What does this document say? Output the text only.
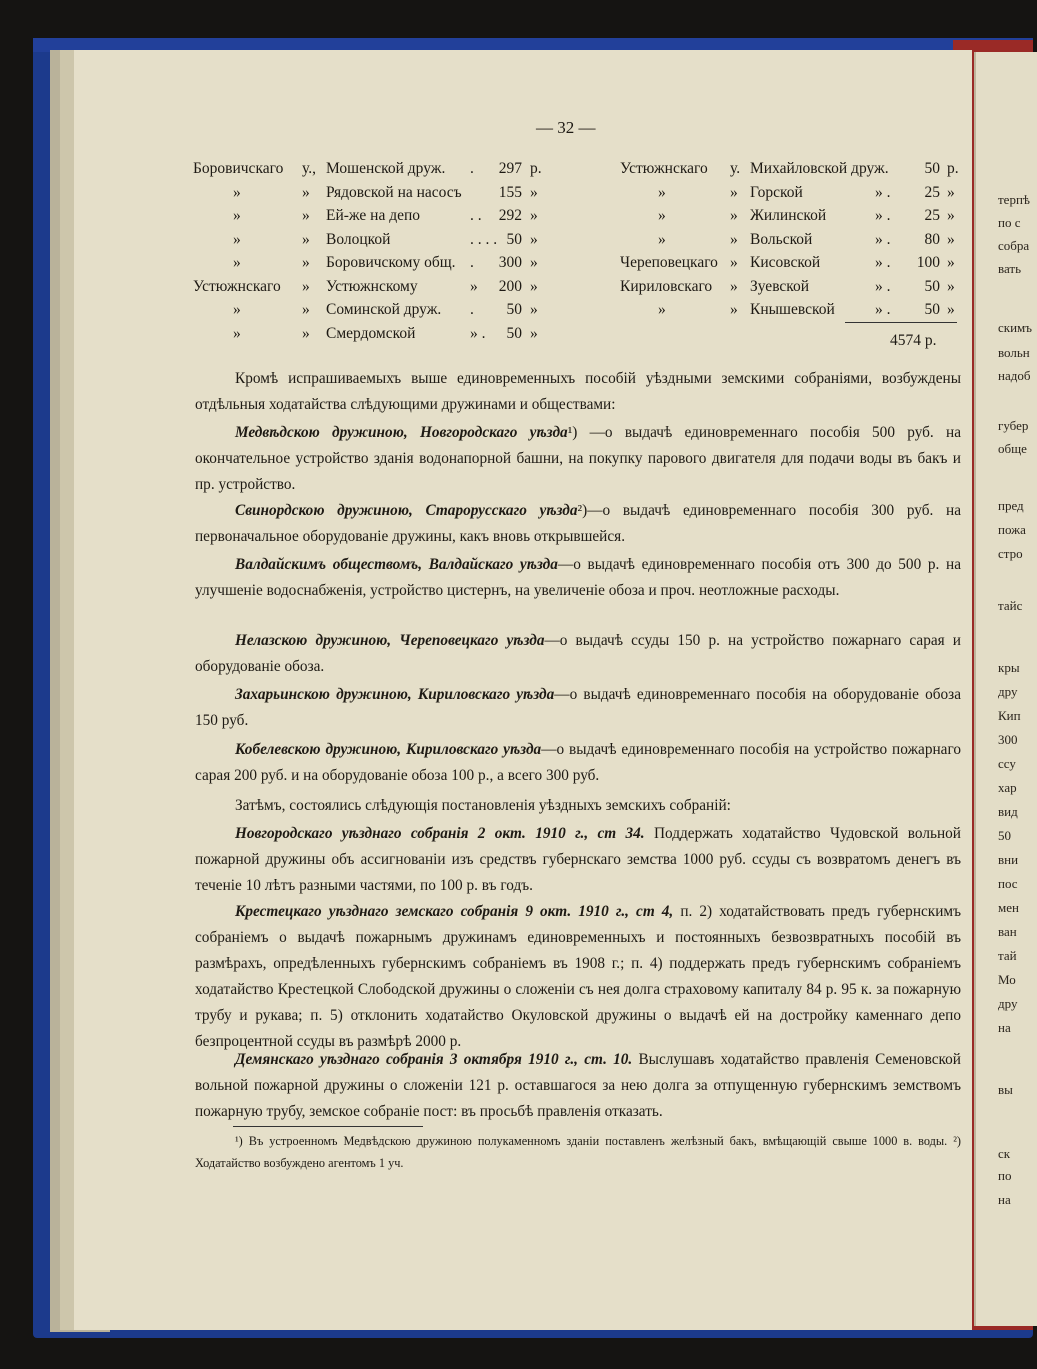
терпѣ
по с
собра
вать
скимъ
вольн
надоб
губер
обще
пред
пожа
стро
тайс
кры
дру
Кип
300
ссу
хар
вид
50
вни
пос
мен
ван
тай
Мо
дру
на
вы
ск
по
на
— 32 —
Боровичскаго у., Мошенской друж. .	297 р.
»	» Рядовской на насосъ	155 »
»	» Ей-же на депо	. .	292 »
»	» Волоцкой	. . . . 50 »
»	» Боровичскому общ. .	300 »
Устюжнскаго » Устюжнскому	»	200 »
»	» Соминской друж. .	50 »
»	» Смердомской	» .	50 »
Устюжнскаго у. Михайловской друж.	50 р.
»	» Горской	» .	25 »
»	» Жилинской	» .	25 »
»	» Вольской	» .	80 »
Череповецкаго » Кисовской	» .	100 »
Кириловскаго » Зуевской	» .	50 »
»	» Кнышевской	» .	50 »
4574 р.
Кромѣ испрашиваемыхъ выше единовременныхъ пособій уѣздными земскими собраніями, возбуждены отдѣльныя ходатайства слѣдующими дружинами и обществами:
Медвѣдскою дружиною, Новгородскаго уѣзда¹) —о выдачѣ единовременнаго пособія 500 руб. на окончательное устройство зданія водонапорной башни, на покупку парового двигателя для подачи воды въ бакъ и пр. устройство.
Свинордскою дружиною, Старорусскаго уѣзда²)—о выдачѣ единовременнаго пособія 300 руб. на первоначальное оборудованіе дружины, какъ вновь открывшейся.
Валдайскимъ обществомъ, Валдайскаго уѣзда—о выдачѣ единовременнаго пособія отъ 300 до 500 р. на улучшеніе водоснабженія, устройство цистернъ, на увеличеніе обоза и проч. неотложные расходы.
Нелазскою дружиною, Череповецкаго уѣзда—о выдачѣ ссуды 150 р. на устройство пожарнаго сарая и оборудованіе обоза.
Захарьинскою дружиною, Кириловскаго уѣзда—о выдачѣ единовременнаго пособія на оборудованіе обоза 150 руб.
Кобелевскою дружиною, Кириловскаго уѣзда—о выдачѣ единовременнаго пособія на устройство пожарнаго сарая 200 руб. и на оборудованіе обоза 100 р., а всего 300 руб.
Затѣмъ, состоялись слѣдующія постановленія уѣздныхъ земскихъ собраній:
Новгородскаго уѣзднаго собранія 2 окт. 1910 г., ст 34. Поддержать ходатайство Чудовской вольной пожарной дружины объ ассигнованіи изъ средствъ губернскаго земства 1000 руб. ссуды съ возвратомъ денегъ въ теченіе 10 лѣтъ разными частями, по 100 р. въ годъ.
Крестецкаго уѣзднаго земскаго собранія 9 окт. 1910 г., ст 4, п. 2) ходатайствовать предъ губернскимъ собраніемъ о выдачѣ пожарнымъ дружинамъ единовременныхъ и постоянныхъ безвозвратныхъ пособій въ размѣрахъ, опредѣленныхъ губернскимъ собраніемъ въ 1908 г.; п. 4) поддержать предъ губернскимъ собраніемъ ходатайство Крестецкой Слободской дружины о сложеніи съ нея долга страховому капиталу 84 р. 95 к. за пожарную трубу и рукава; п. 5) отклонить ходатайство Окуловской дружины о выдачѣ ей на достройку каменнаго депо безпроцентной ссуды въ размѣрѣ 2000 р.
Демянскаго уѣзднаго собранія 3 октября 1910 г., ст. 10. Выслушавъ ходатайство правленія Семеновской вольной пожарной дружины о сложеніи 121 р. оставшагося за нею долга за отпущенную губернскимъ земствомъ пожарную трубу, земское собраніе пост: въ просьбѣ правленія отказать.
¹) Въ устроенномъ Медвѣдскою дружиною полукаменномъ зданіи поставленъ желѣзный бакъ, вмѣщающій свыше 1000 в. воды. ²) Ходатайство возбуждено агентомъ 1 уч.
